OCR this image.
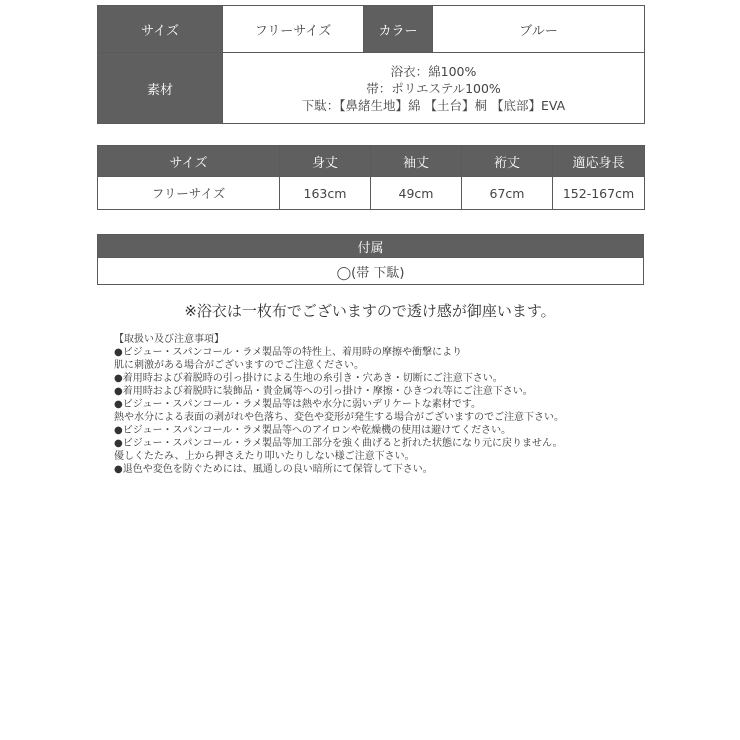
サイズ	フリーサイズ	カラー	ブルー
素材	浴衣：綿100%
帯：ポリエステル100%
下駄：【鼻緒生地】綿 【土台】桐 【底部】EVA		
サイズ	身丈	袖丈	裄丈	適応身長
フリーサイズ	163cm	49cm	67cm	152-167cm
付属
◯(帯 下駄)
※浴衣は一枚布でございますので透け感が御座います。
【取扱い及び注意事項】
●ビジュー・スパンコール・ラメ製品等の特性上、着用時の摩擦や衝撃により
肌に刺激がある場合がございますのでご注意ください。
●着用時および着脱時の引っ掛けによる生地の糸引き・穴あき・切断にご注意下さい。
●着用時および着脱時に装飾品・貴金属等への引っ掛け・摩擦・ひきつれ等にご注意下さい。
●ビジュー・スパンコール・ラメ製品等は熱や水分に弱いデリケートな素材です。
熱や水分による表面の剥がれや色落ち、変色や変形が発生する場合がございますのでご注意下さい。
●ビジュー・スパンコール・ラメ製品等へのアイロンや乾燥機の使用は避けてください。
●ビジュー・スパンコール・ラメ製品等加工部分を強く曲げると折れた状態になり元に戻りません。
優しくたたみ、上から押さえたり叩いたりしない様ご注意下さい。
●退色や変色を防ぐためには、風通しの良い暗所にて保管して下さい。
